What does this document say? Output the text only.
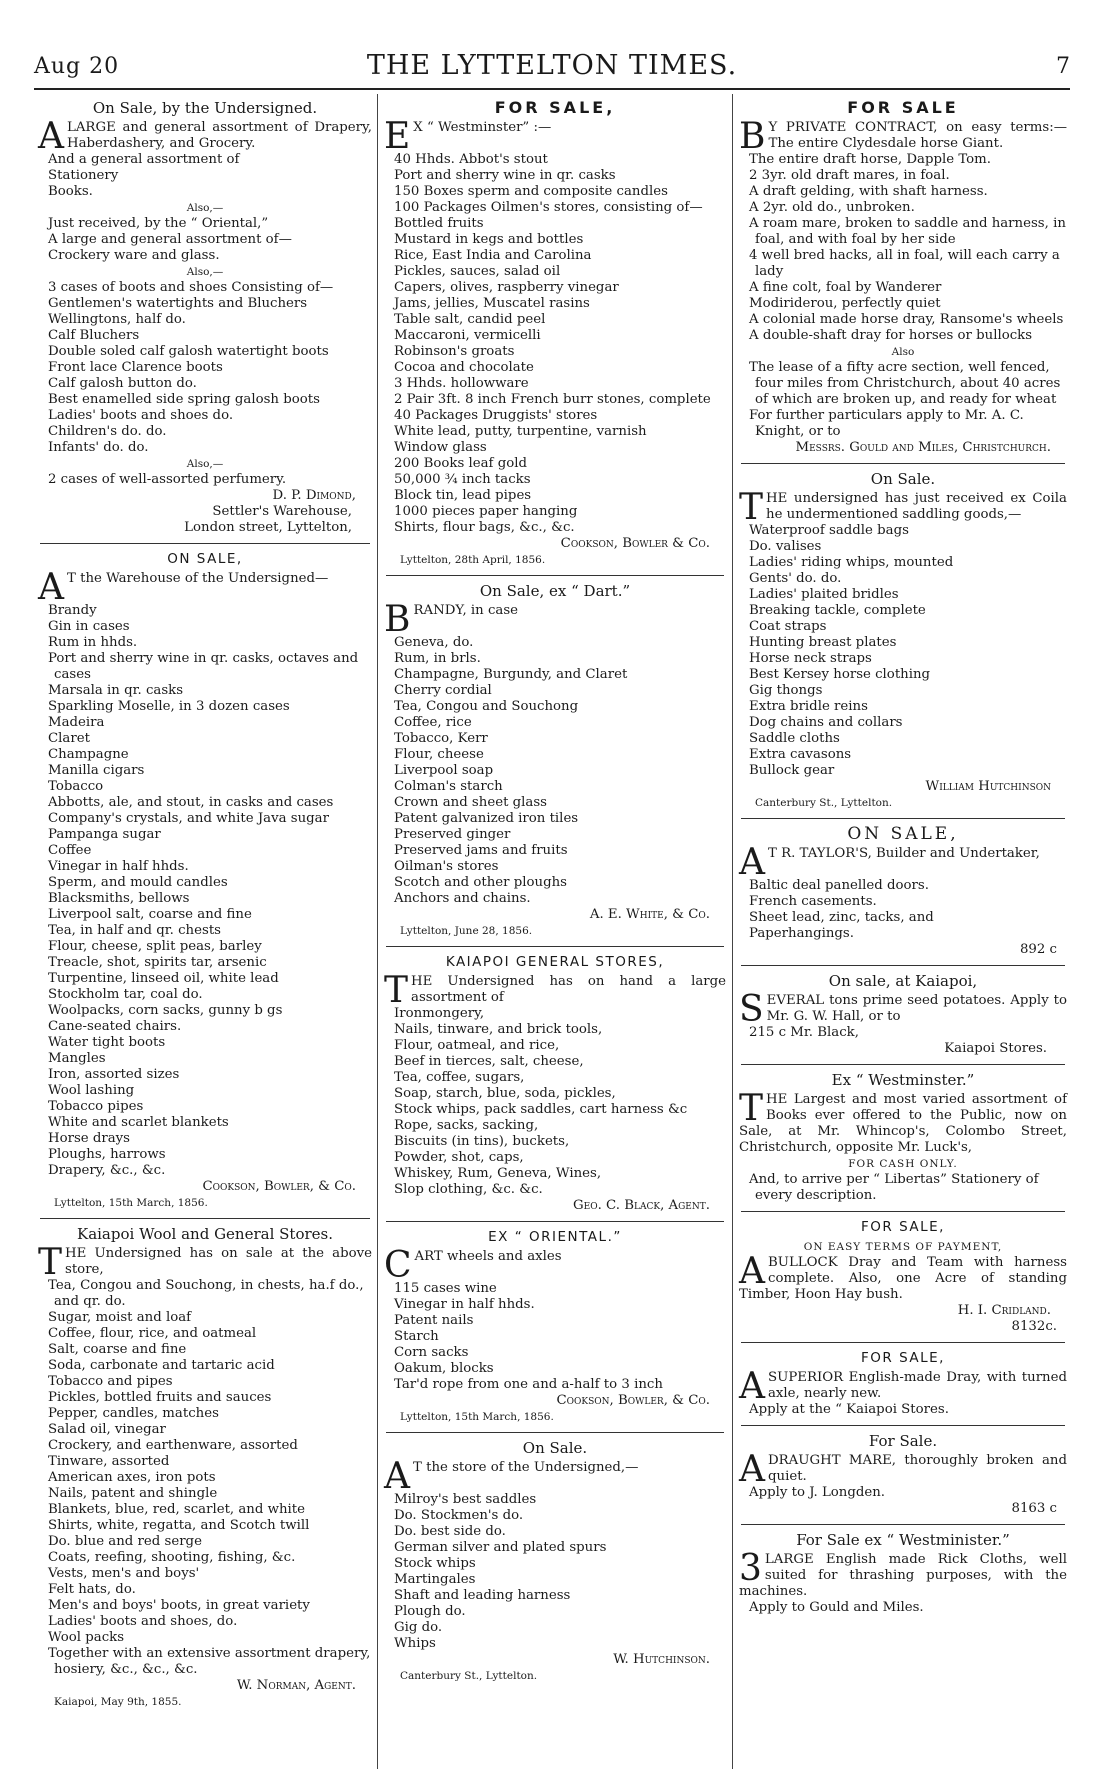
Aug 20	THE LYTTELTON TIMES.	7
On Sale, by the Undersigned.
A LARGE and general assortment of Drapery, Haberdashery, and Grocery.
And a general assortment of
Stationery
Books.
Also,—
Just received, by the “ Oriental,”
A large and general assortment of—
Crockery ware and glass.
Also,—
3 cases of boots and shoes Consisting of—
Gentlemen's watertights and Bluchers
Wellingtons, half do.
Calf Bluchers
Double soled calf galosh watertight boots
Front lace Clarence boots
Calf galosh button do.
Best enamelled side spring galosh boots
Ladies' boots and shoes do.
Children's do. do.
Infants' do. do.
Also,—
2 cases of well-assorted perfumery.
D. P. Dimond,
Settler's Warehouse,
London street, Lyttelton,
ON SALE,
A T the Warehouse of the Undersigned—
Brandy
Gin in cases
Rum in hhds.
Port and sherry wine in qr. casks, octaves and cases
Marsala in qr. casks
Sparkling Moselle, in 3 dozen cases
Madeira
Claret
Champagne
Manilla cigars
Tobacco
Abbotts, ale, and stout, in casks and cases
Company's crystals, and white Java sugar
Pampanga sugar
Coffee
Vinegar in half hhds.
Sperm, and mould candles
Blacksmiths, bellows
Liverpool salt, coarse and fine
Tea, in half and qr. chests
Flour, cheese, split peas, barley
Treacle, shot, spirits tar, arsenic
Turpentine, linseed oil, white lead
Stockholm tar, coal do.
Woolpacks, corn sacks, gunny b gs
Cane-seated chairs.
Water tight boots
Mangles
Iron, assorted sizes
Wool lashing
Tobacco pipes
White and scarlet blankets
Horse drays
Ploughs, harrows
Drapery, &c., &c.
Cookson, Bowler, & Co.
Lyttelton, 15th March, 1856.
Kaiapoi Wool and General Stores.
THE Undersigned has on sale at the above store,
Tea, Congou and Souchong, in chests, ha.f do., and qr. do.
Sugar, moist and loaf
Coffee, flour, rice, and oatmeal
Salt, coarse and fine
Soda, carbonate and tartaric acid
Tobacco and pipes
Pickles, bottled fruits and sauces
Pepper, candles, matches
Salad oil, vinegar
Crockery, and earthenware, assorted
Tinware, assorted
American axes, iron pots
Nails, patent and shingle
Blankets, blue, red, scarlet, and white
Shirts, white, regatta, and Scotch twill
Do. blue and red serge
Coats, reefing, shooting, fishing, &c.
Vests, men's and boys'
Felt hats, do.
Men's and boys' boots, in great variety
Ladies' boots and shoes, do.
Wool packs
Together with an extensive assortment drapery, hosiery, &c., &c., &c.
W. Norman, Agent.
Kaiapoi, May 9th, 1855.
FOR SALE,
E X “ Westminster” :—
40 Hhds. Abbot's stout
Port and sherry wine in qr. casks
150 Boxes sperm and composite candles
100 Packages Oilmen's stores, consisting of—
Bottled fruits
Mustard in kegs and bottles
Rice, East India and Carolina
Pickles, sauces, salad oil
Capers, olives, raspberry vinegar
Jams, jellies, Muscatel rasins
Table salt, candid peel
Maccaroni, vermicelli
Robinson's groats
Cocoa and chocolate
3 Hhds. hollowware
2 Pair 3ft. 8 inch French burr stones, complete
40 Packages Druggists' stores
White lead, putty, turpentine, varnish
Window glass
200 Books leaf gold
50,000 ¾ inch tacks
Block tin, lead pipes
1000 pieces paper hanging
Shirts, flour bags, &c., &c.
Cookson, Bowler & Co.
Lyttelton, 28th April, 1856.
On Sale, ex “ Dart.”
BRANDY, in case
Geneva, do.
Rum, in brls.
Champagne, Burgundy, and Claret
Cherry cordial
Tea, Congou and Souchong
Coffee, rice
Tobacco, Kerr
Flour, cheese
Liverpool soap
Colman's starch
Crown and sheet glass
Patent galvanized iron tiles
Preserved ginger
Preserved jams and fruits
Oilman's stores
Scotch and other ploughs
Anchors and chains.
A. E. White, & Co.
Lyttelton, June 28, 1856.
KAIAPOI GENERAL STORES,
THE Undersigned has on hand a large assortment of
Ironmongery,
Nails, tinware, and brick tools,
Flour, oatmeal, and rice,
Beef in tierces, salt, cheese,
Tea, coffee, sugars,
Soap, starch, blue, soda, pickles,
Stock whips, pack saddles, cart harness &c
Rope, sacks, sacking,
Biscuits (in tins), buckets,
Powder, shot, caps,
Whiskey, Rum, Geneva, Wines,
Slop clothing, &c. &c.
Geo. C. Black, Agent.
EX “ ORIENTAL.”
CART wheels and axles
115 cases wine
Vinegar in half hhds.
Patent nails
Starch
Corn sacks
Oakum, blocks
Tar'd rope from one and a-half to 3 inch
Cookson, Bowler, & Co.
Lyttelton, 15th March, 1856.
On Sale.
A T the store of the Undersigned,—
Milroy's best saddles
Do. Stockmen's do.
Do. best side do.
German silver and plated spurs
Stock whips
Martingales
Shaft and leading harness
Plough do.
Gig do.
Whips
W. Hutchinson.
Canterbury St., Lyttelton.
FOR SALE
B Y PRIVATE CONTRACT, on easy terms:—The entire Clydesdale horse Giant.
The entire draft horse, Dapple Tom.
2 3yr. old draft mares, in foal.
A draft gelding, with shaft harness.
A 2yr. old do., unbroken.
A roam mare, broken to saddle and harness, in foal, and with foal by her side
4 well bred hacks, all in foal, will each carry a lady
A fine colt, foal by Wanderer
Modiriderou, perfectly quiet
A colonial made horse dray, Ransome's wheels
A double-shaft dray for horses or bullocks
Also
The lease of a fifty acre section, well fenced, four miles from Christchurch, about 40 acres of which are broken up, and ready for wheat
For further particulars apply to Mr. A. C. Knight, or to
Messrs. Gould and Miles, Christchurch.
On Sale.
THE undersigned has just received ex Coila he undermentioned saddling goods,—
Waterproof saddle bags
Do. valises
Ladies' riding whips, mounted
Gents' do. do.
Ladies' plaited bridles
Breaking tackle, complete
Coat straps
Hunting breast plates
Horse neck straps
Best Kersey horse clothing
Gig thongs
Extra bridle reins
Dog chains and collars
Saddle cloths
Extra cavasons
Bullock gear
William Hutchinson
Canterbury St., Lyttelton.
ON SALE,
A T R. TAYLOR'S, Builder and Undertaker,
Baltic deal panelled doors.
French casements.
Sheet lead, zinc, tacks, and
Paperhangings.
892 c
On sale, at Kaiapoi,
SEVERAL tons prime seed potatoes. Apply to Mr. G. W. Hall, or to
215 c Mr. Black,
Kaiapoi Stores.
Ex “ Westminster.”
THE Largest and most varied assortment of Books ever offered to the Public, now on Sale, at Mr. Whincop's, Colombo Street, Christchurch, opposite Mr. Luck's,
FOR CASH ONLY.
And, to arrive per “ Libertas” Stationery of every description.
FOR SALE,
ON EASY TERMS OF PAYMENT,
A BULLOCK Dray and Team with harness complete. Also, one Acre of standing Timber, Hoon Hay bush.
H. I. Cridland.
8132c.
FOR SALE,
A SUPERIOR English-made Dray, with turned axle, nearly new.
Apply at the “ Kaiapoi Stores.
For Sale.
A DRAUGHT MARE, thoroughly broken and quiet.
Apply to J. Longden.
8163 c
For Sale ex “ Westminister.”
3 LARGE English made Rick Cloths, well suited for thrashing purposes, with the machines.
Apply to Gould and Miles.
